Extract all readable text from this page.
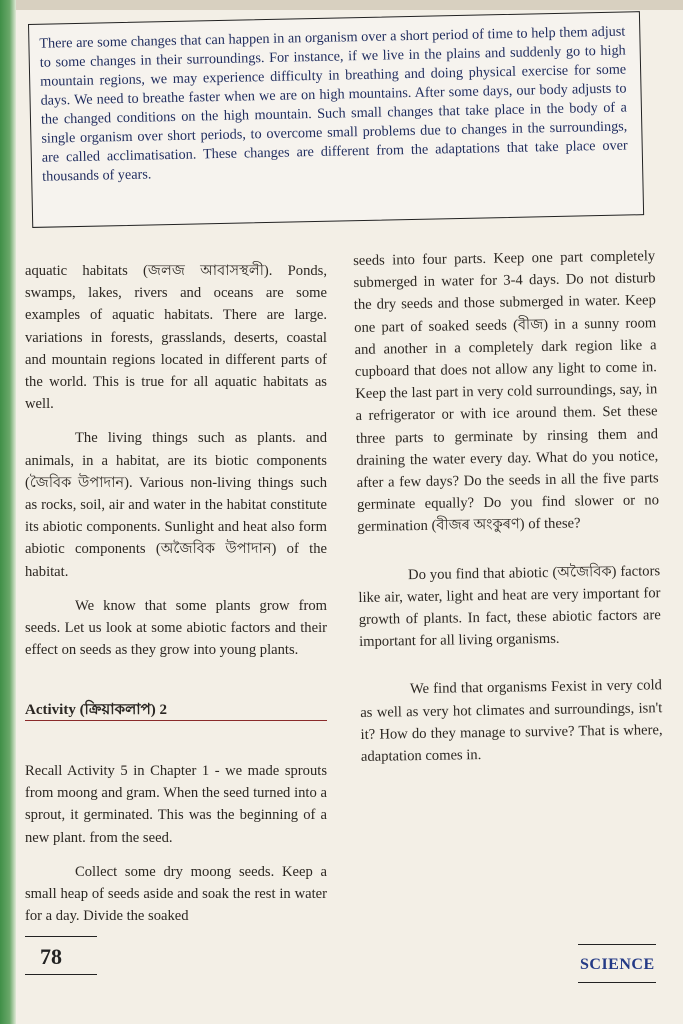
There are some changes that can happen in an organism over a short period of time to help them adjust to some changes in their surroundings. For instance, if we live in the plains and suddenly go to high mountain regions, we may experience difficulty in breathing and doing physical exercise for some days. We need to breathe faster when we are on high mountains. After some days, our body adjusts to the changed conditions on the high mountain. Such small changes that take place in the body of a single organism over short periods, to overcome small problems due to changes in the surroundings, are called acclimatisation. These changes are different from the adaptations that take place over thousands of years.

aquatic habitats (জলজ আবাসস্থলী). Ponds, swamps, lakes, rivers and oceans are some examples of aquatic habitats. There are large. variations in forests, grasslands, deserts, coastal and mountain regions located in different parts of the world. This is true for all aquatic habitats as well.

The living things such as plants. and animals, in a habitat, are its biotic components (জৈবিক উপাদান). Various non-living things such as rocks, soil, air and water in the habitat constitute its abiotic components. Sunlight and heat also form abiotic components (অজৈবিক উপাদান) of the habitat.

We know that some plants grow from seeds. Let us look at some abiotic factors and their effect on seeds as they grow into young plants.

Activity (ক্রিয়াকলাপ) 2

Recall Activity 5 in Chapter 1 - we made sprouts from moong and gram. When the seed turned into a sprout, it germinated. This was the beginning of a new plant. from the seed.

Collect some dry moong seeds. Keep a small heap of seeds aside and soak the rest in water for a day. Divide the soaked

seeds into four parts. Keep one part completely submerged in water for 3-4 days. Do not disturb the dry seeds and those submerged in water. Keep one part of soaked seeds (বীজ) in a sunny room and another in a completely dark region like a cupboard that does not allow any light to come in. Keep the last part in very cold surroundings, say, in a refrigerator or with ice around them. Set these three parts to germinate by rinsing them and draining the water every day. What do you notice, after a few days? Do the seeds in all the five parts germinate equally? Do you find slower or no germination (বীজৰ অংকুৰণ) of these?

Do you find that abiotic (অজৈবিক) factors like air, water, light and heat are very important for growth of plants. In fact, these abiotic factors are important for all living organisms.

We find that organisms Fexist in very cold as well as very hot climates and surroundings, isn't it? How do they manage to survive? That is where, adaptation comes in.

78	SCIENCE
